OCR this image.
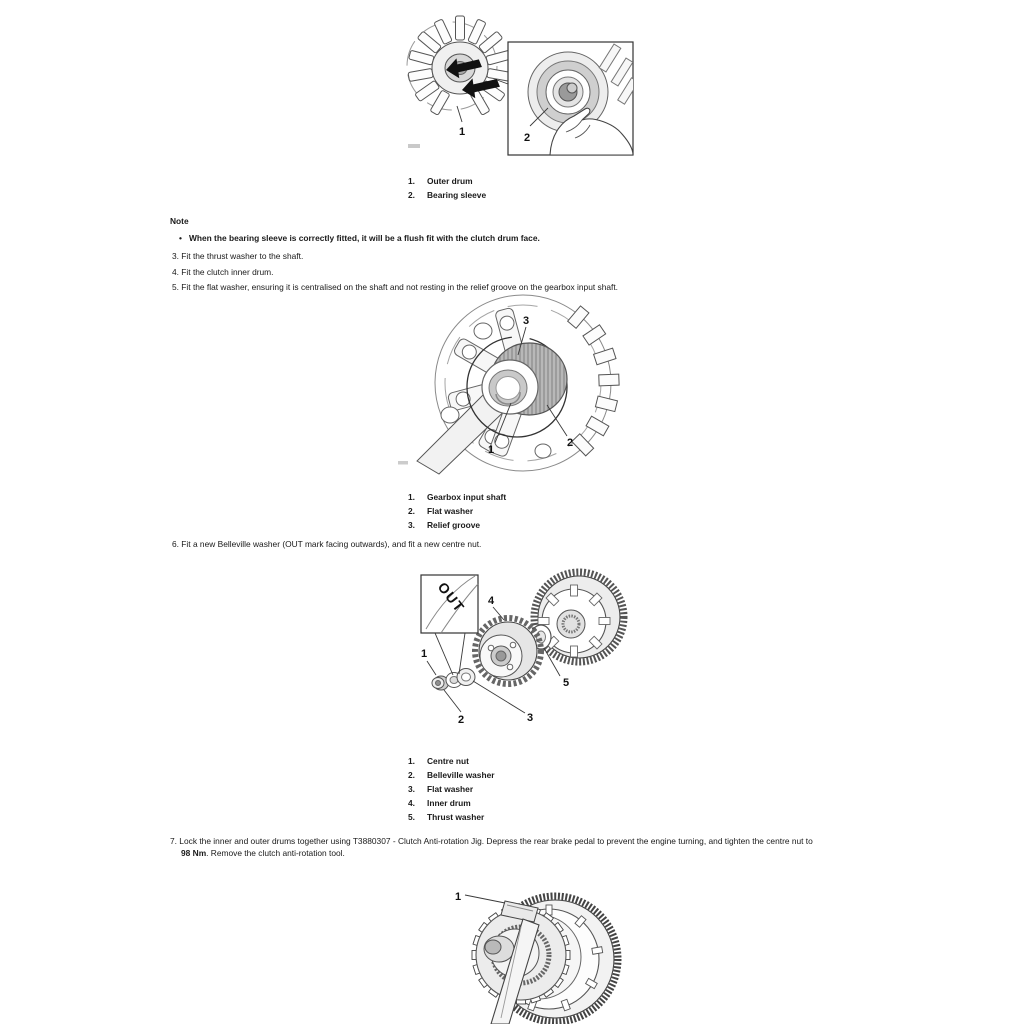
1	2
1.	Outer drum
2.	Bearing sleeve
Note
• When the bearing sleeve is correctly fitted, it will be a flush fit with the clutch drum face.
3. Fit the thrust washer to the shaft.
4. Fit the clutch inner drum.
5. Fit the flat washer, ensuring it is centralised on the shaft and not resting in the relief groove on the gearbox input shaft.
3
1
2
1.	Gearbox input shaft
2.	Flat washer
3.	Relief groove
6. Fit a new Belleville washer (OUT mark facing outwards), and fit a new centre nut.
OUT
1
2	3
4
5
1.	Centre nut
2.	Belleville washer
3.	Flat washer
4.	Inner drum
5.	Thrust washer
7. Lock the inner and outer drums together using T3880307 - Clutch Anti-rotation Jig. Depress the rear brake pedal to prevent the engine turning, and tighten the centre nut to
98 Nm. Remove the clutch anti-rotation tool.
1
